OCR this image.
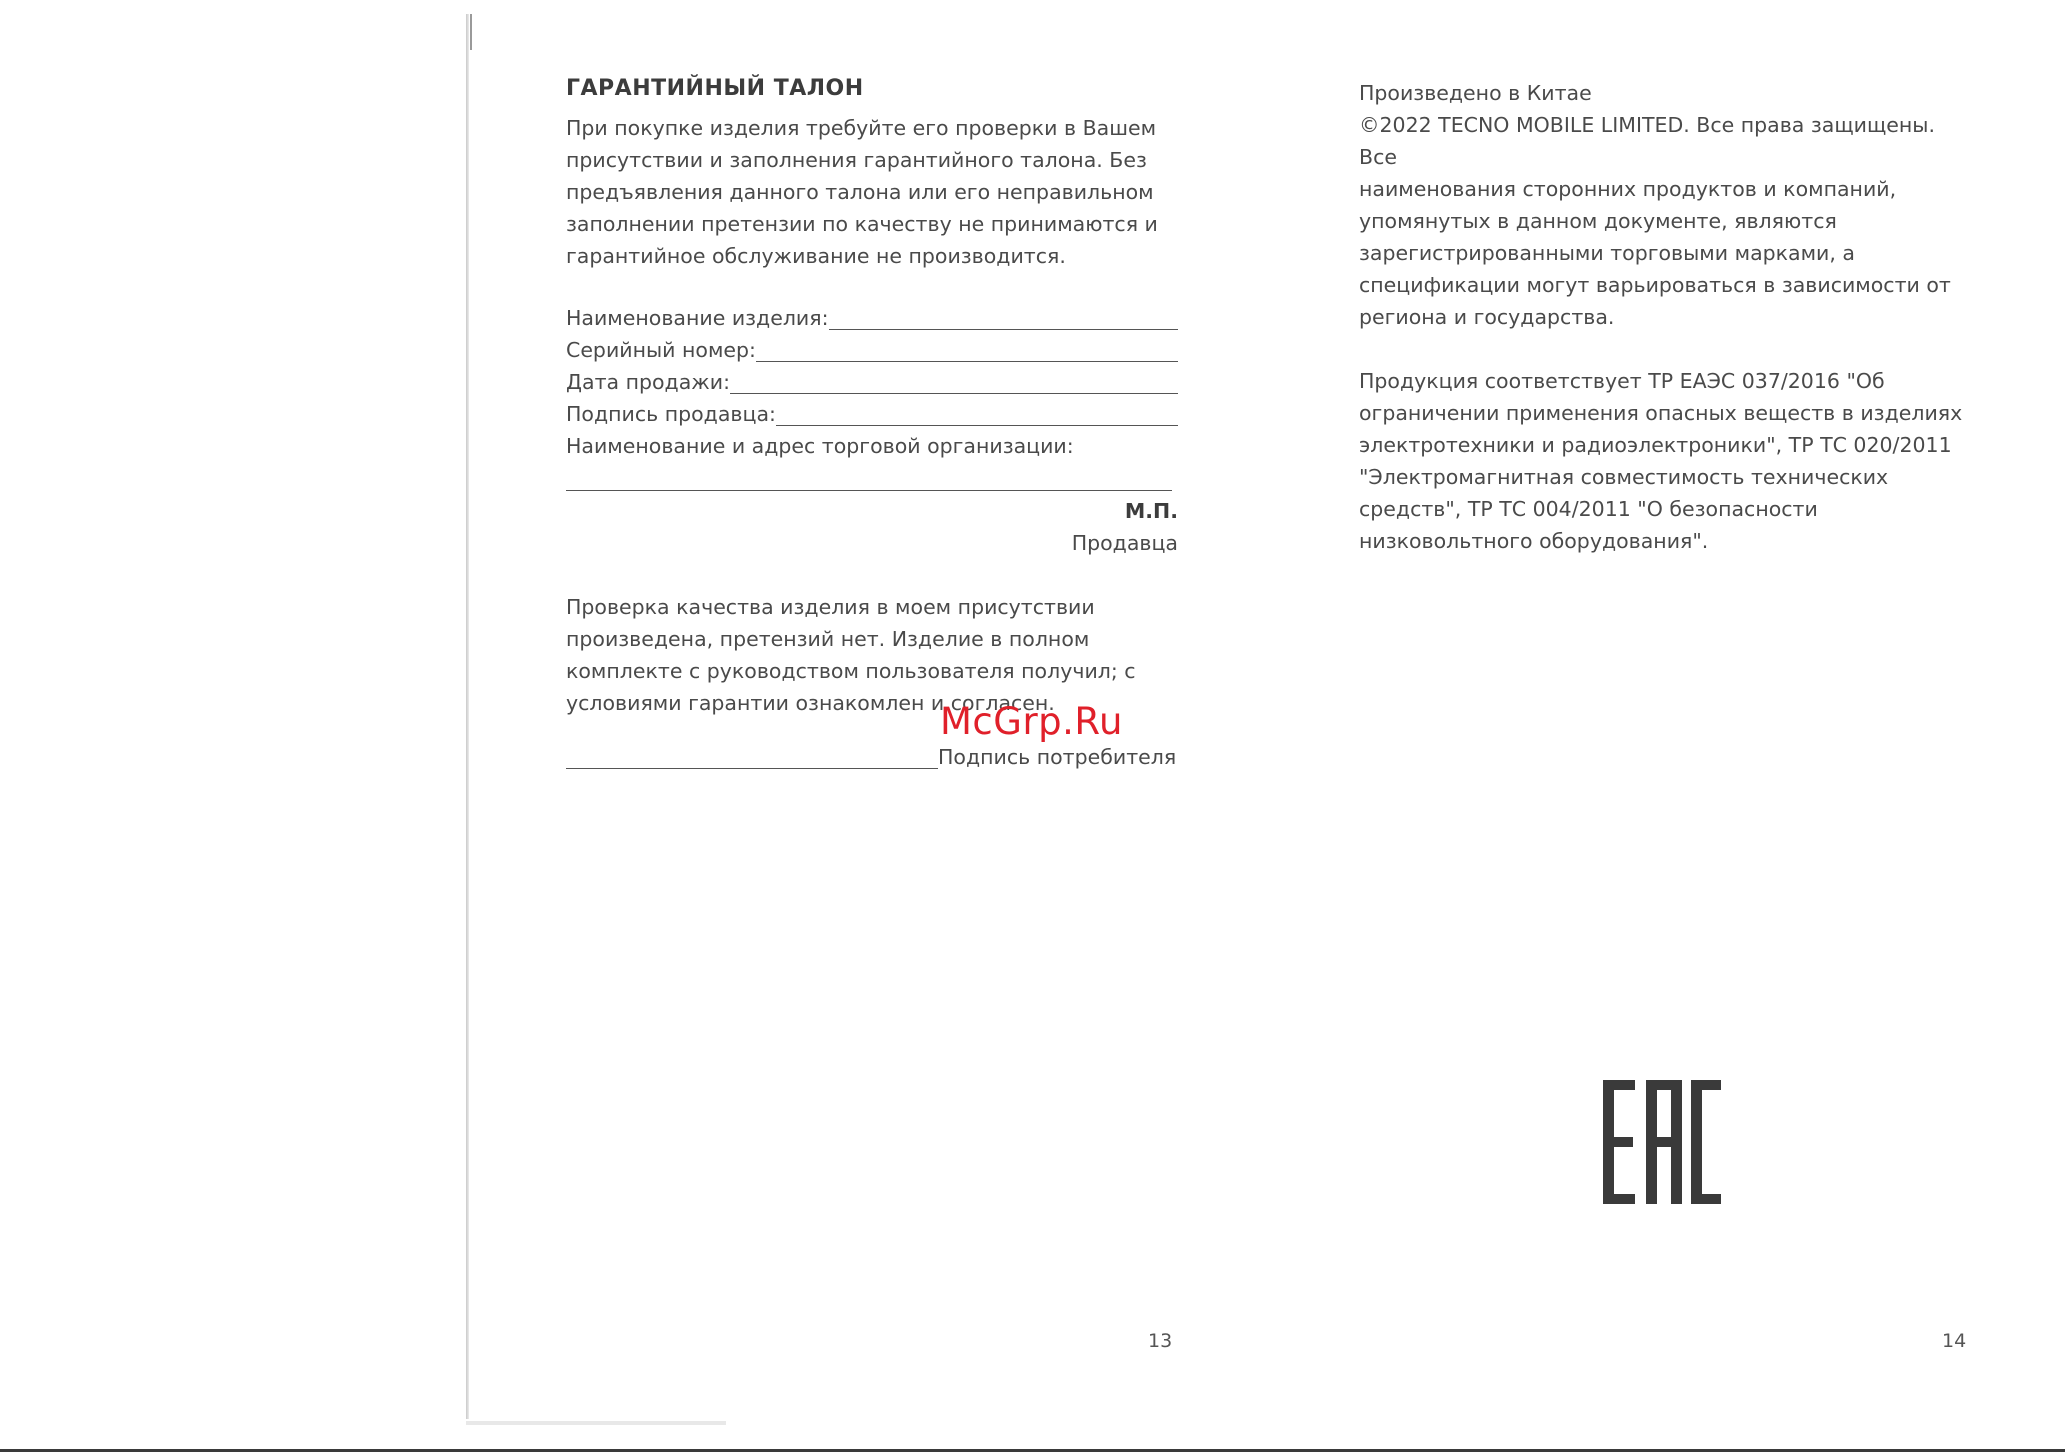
ГАРАНТИЙНЫЙ ТАЛОН

При покупке изделия требуйте его проверки в Вашем

присутствии и заполнения гарантийного талона. Без

предъявления данного талона или его неправильном

заполнении претензии по качеству не принимаются и

гарантийное обслуживание не производится.

Наименование изделия:
Серийный номер:
Дата продажи:
Подпись продавца:
Наименование и адрес торговой организации:
М.П.
Продавца

Проверка качества изделия в моем присутствии

произведена, претензий нет. Изделие в полном

комплекте с руководством пользователя получил; с

условиями гарантии ознакомлен и согласен.

Подпись потребителя
McGrp.Ru

Произведено в Китае

©2022 TECNO MOBILE LIMITED. Все права защищены. Все

наименования сторонних продуктов и компаний,

упомянутых в данном документе, являются

зарегистрированными торговыми марками, а

спецификации могут варьироваться в зависимости от

региона и государства.

Продукция соответствует ТР ЕАЭС 037/2016 "Об

ограничении применения опасных веществ в изделиях

электротехники и радиоэлектроники", ТР ТС 020/2011

"Электромагнитная совместимость технических

средств", ТР ТС 004/2011 "О безопасности

низковольтного оборудования".

13	14
